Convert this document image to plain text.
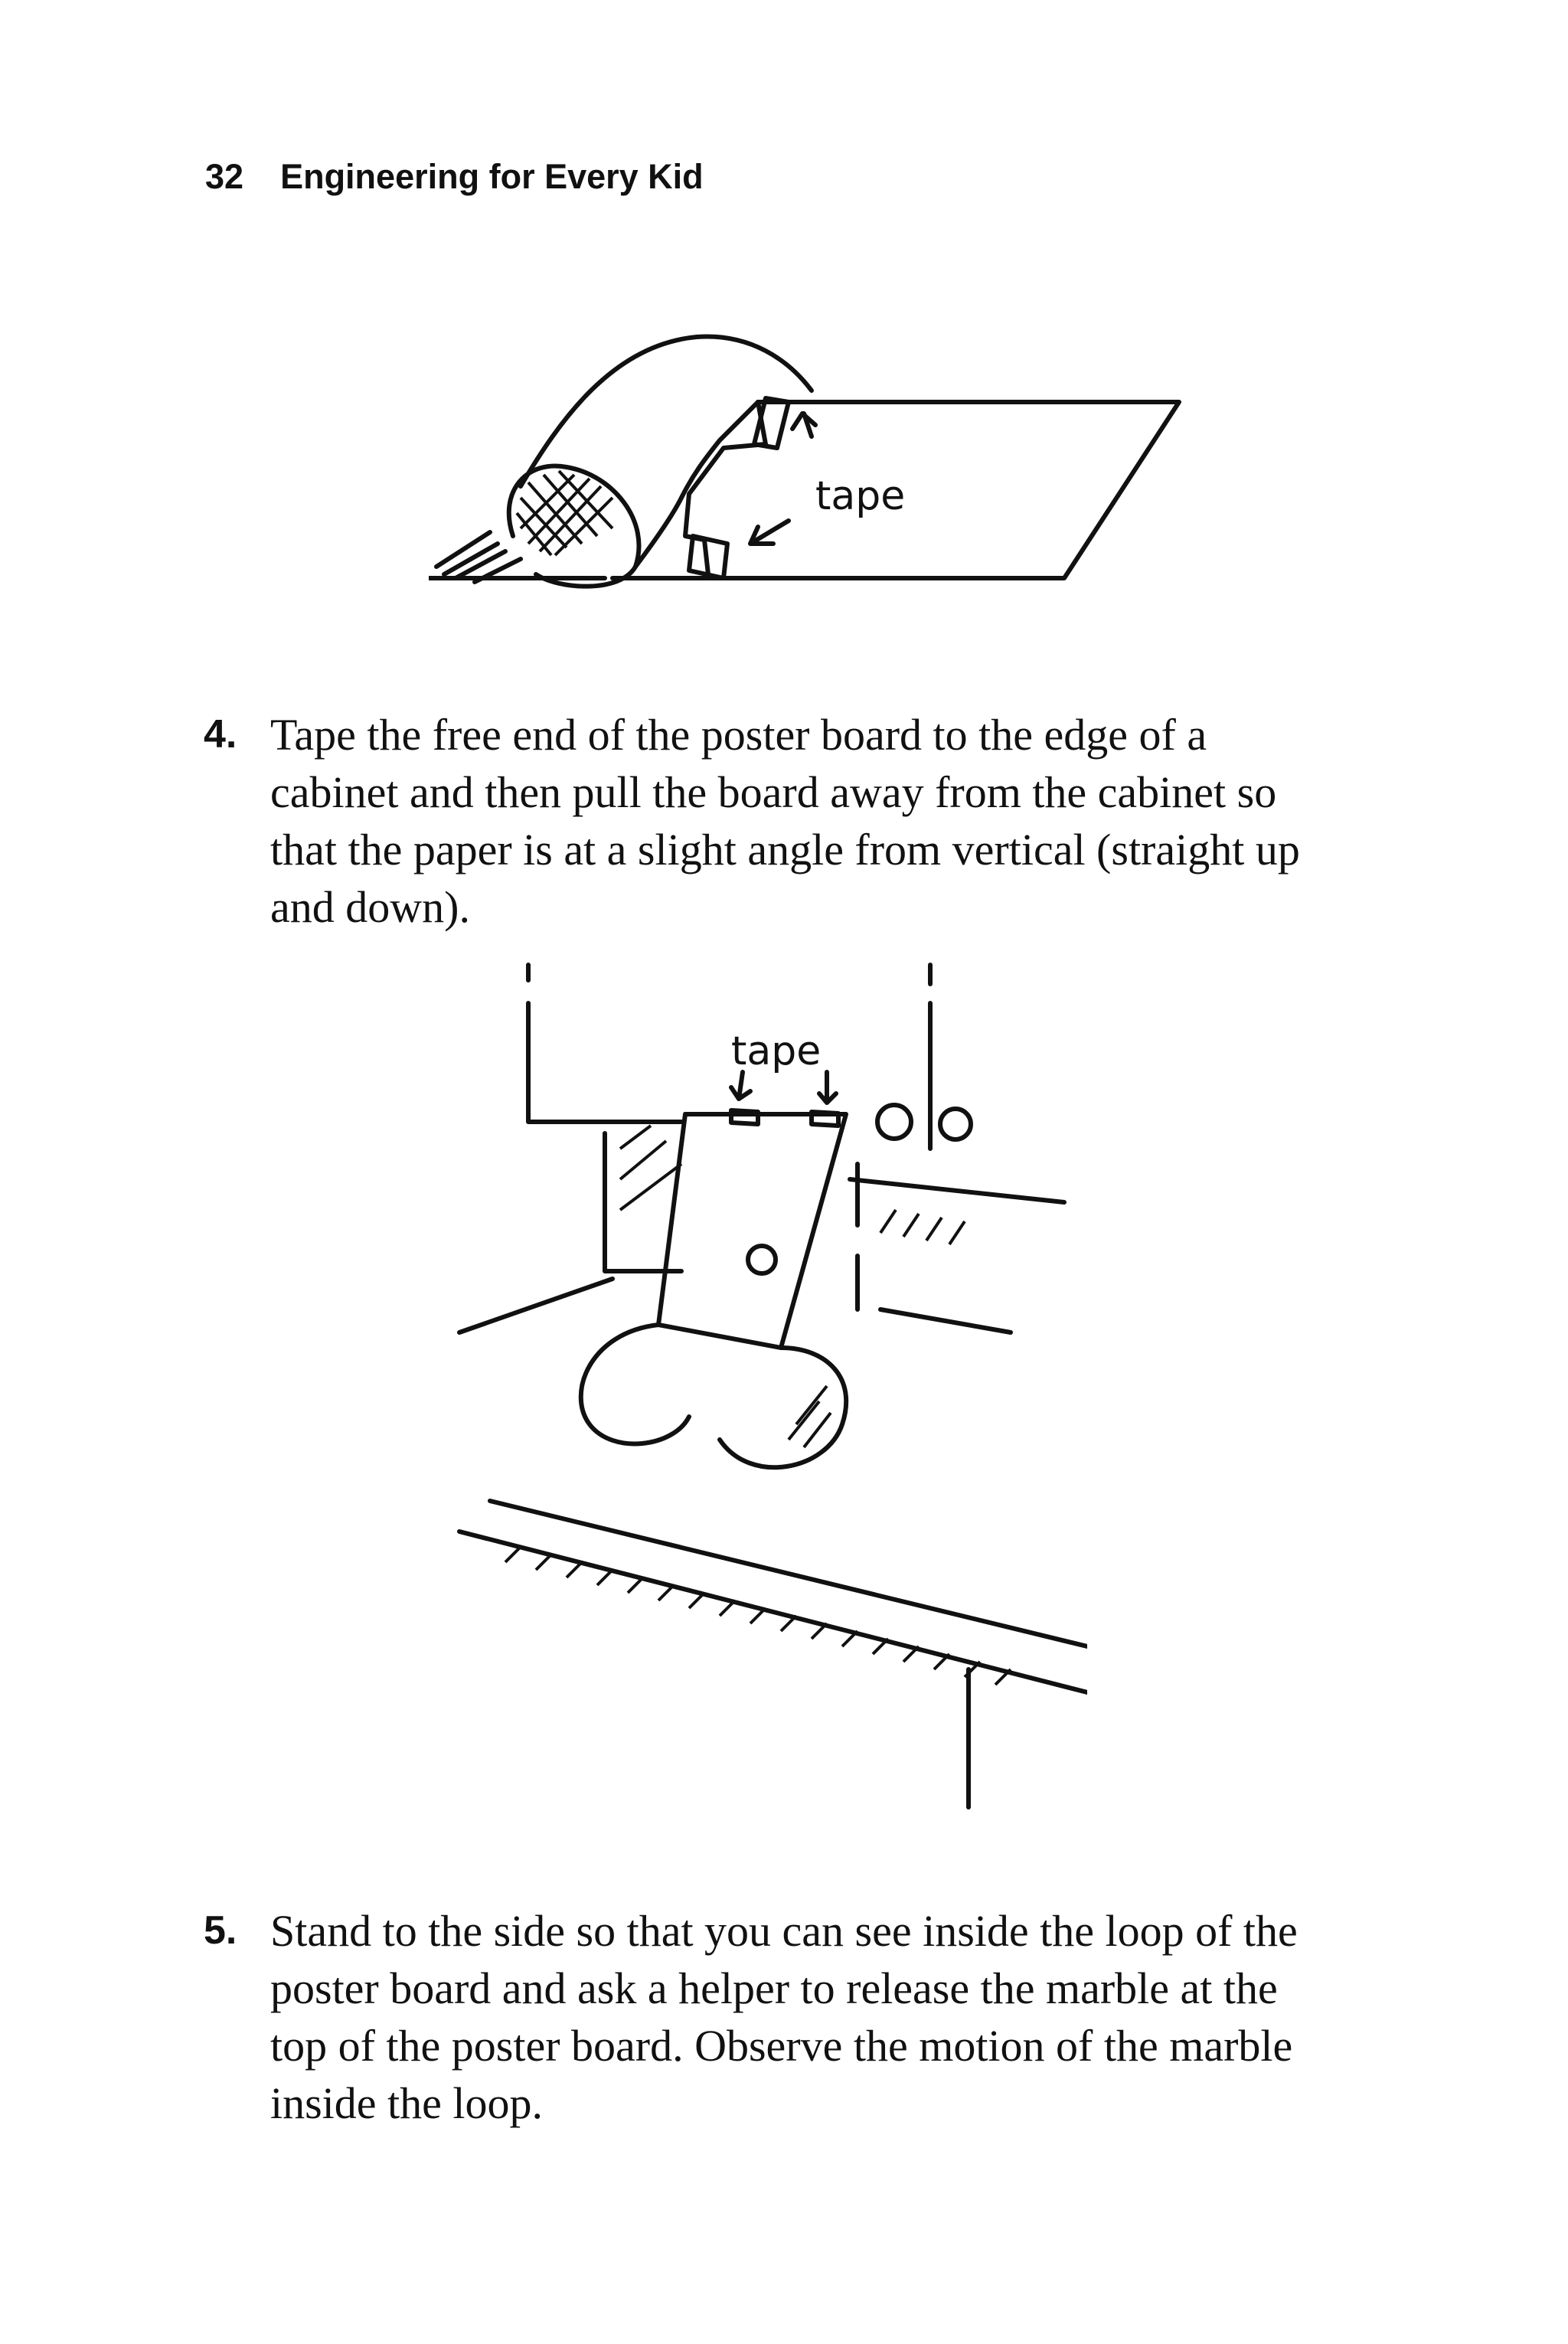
32 Engineering for Every Kid
tape
4. Tape the free end of the poster board to the edge of a cabinet and then pull the board away from the cabinet so that the paper is at a slight angle from vertical (straight up and down).
tape
5. Stand to the side so that you can see inside the loop of the poster board and ask a helper to release the marble at the top of the poster board. Observe the motion of the marble inside the loop.
